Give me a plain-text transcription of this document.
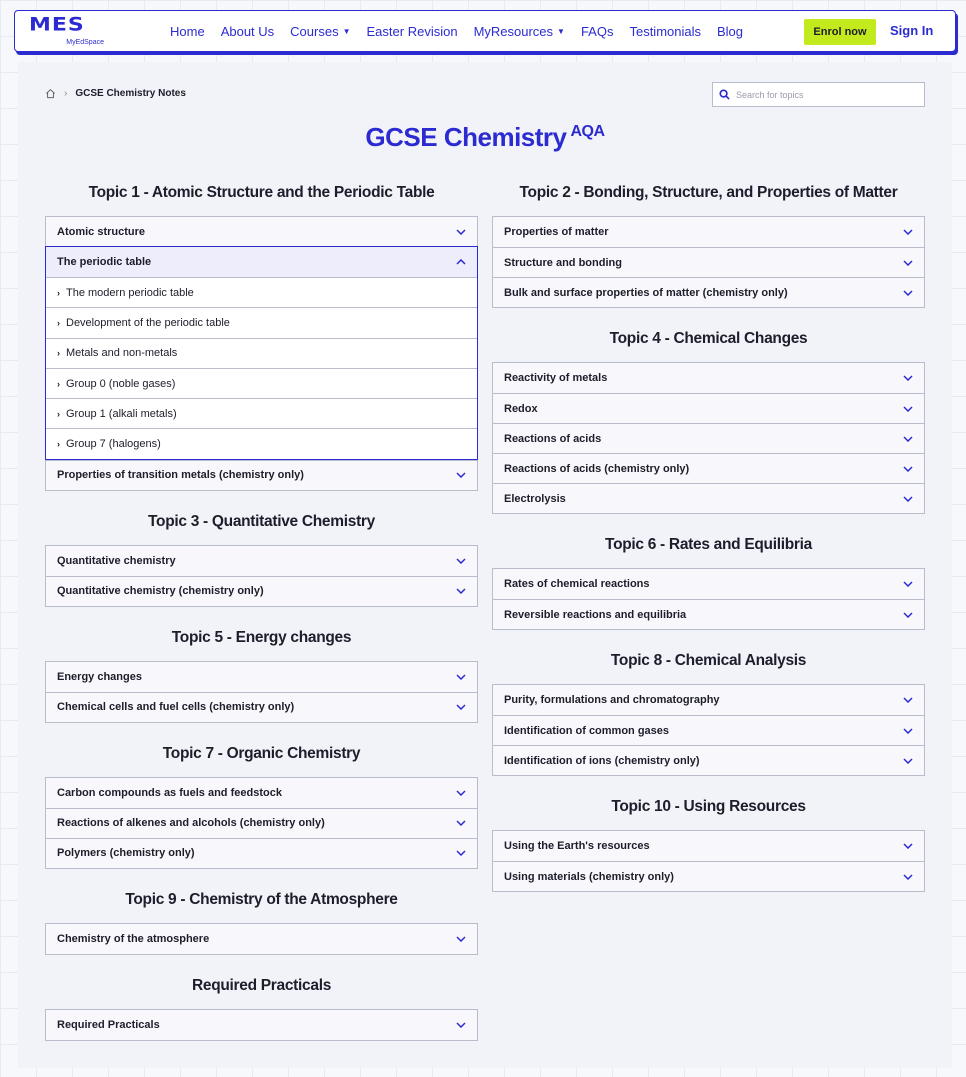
MES
MyEdSpace
Home About Us Courses ▼ Easter Revision MyResources ▼ FAQs Testimonials Blog	Enrol now	Sign In
› GCSE Chemistry Notes
Search for topics
GCSE Chemistry $^{AQA}$
Topic 1 - Atomic Structure and the Periodic Table
Atomic structure
The periodic table
› The modern periodic table
› Development of the periodic table
› Metals and non-metals
› Group 0 (noble gases)
› Group 1 (alkali metals)
› Group 7 (halogens)
Properties of transition metals (chemistry only)
Topic 3 - Quantitative Chemistry
Quantitative chemistry
Quantitative chemistry (chemistry only)
Topic 5 - Energy changes
Energy changes
Chemical cells and fuel cells (chemistry only)
Topic 7 - Organic Chemistry
Carbon compounds as fuels and feedstock
Reactions of alkenes and alcohols (chemistry only)
Polymers (chemistry only)
Topic 9 - Chemistry of the Atmosphere
Chemistry of the atmosphere
Required Practicals
Required Practicals
Topic 2 - Bonding, Structure, and Properties of Matter
Properties of matter
Structure and bonding
Bulk and surface properties of matter (chemistry only)
Topic 4 - Chemical Changes
Reactivity of metals
Redox
Reactions of acids
Reactions of acids (chemistry only)
Electrolysis
Topic 6 - Rates and Equilibria
Rates of chemical reactions
Reversible reactions and equilibria
Topic 8 - Chemical Analysis
Purity, formulations and chromatography
Identification of common gases
Identification of ions (chemistry only)
Topic 10 - Using Resources
Using the Earth's resources
Using materials (chemistry only)
